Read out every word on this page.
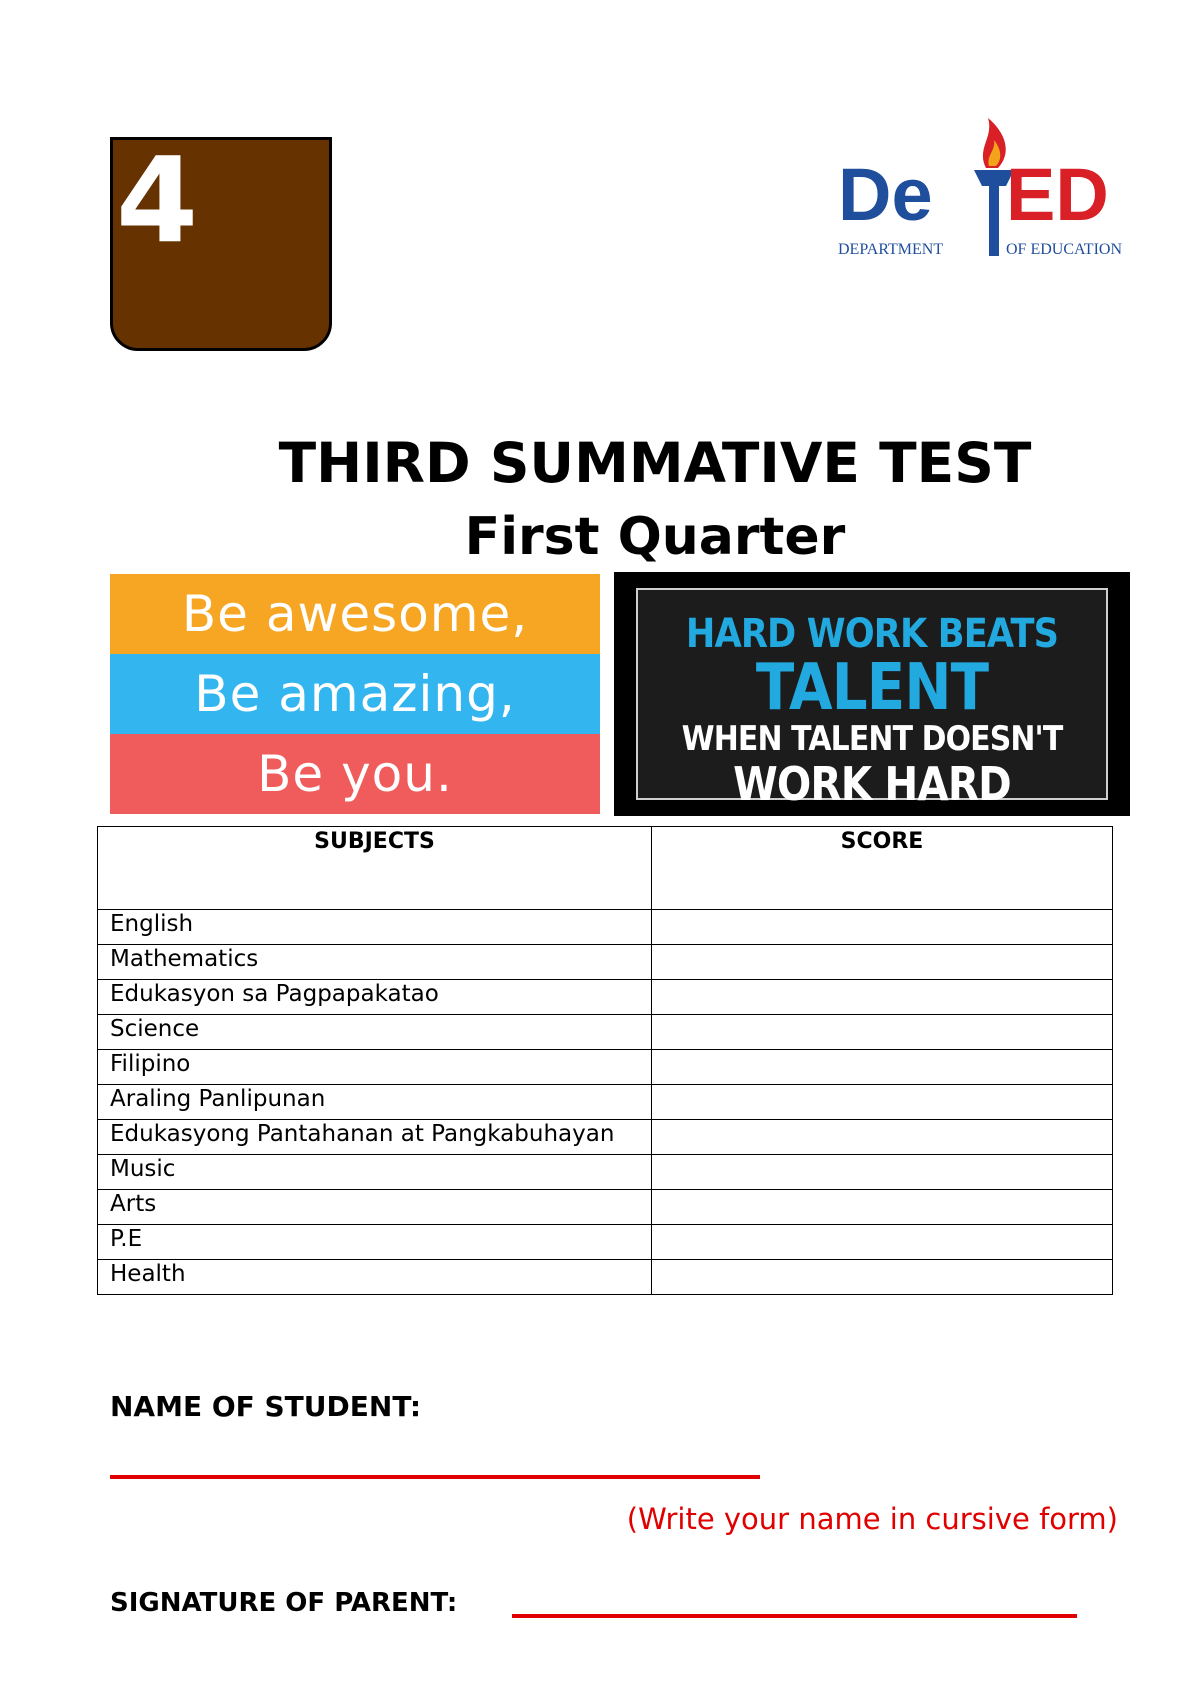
4	De ED
DEPARTMENT	OF EDUCATION
THIRD SUMMATIVE TEST
First Quarter
Be awesome,
Be amazing,
Be you.
HARD WORK BEATS
TALENT
WHEN TALENT DOESN'T
WORK HARD
SUBJECTS	SCORE
English	
Mathematics	
Edukasyon sa Pagpapakatao	
Science	
Filipino	
Araling Panlipunan	
Edukasyong Pantahanan at Pangkabuhayan	
Music	
Arts	
P.E	
Health	
NAME OF STUDENT:
(Write your name in cursive form)
SIGNATURE OF PARENT:
